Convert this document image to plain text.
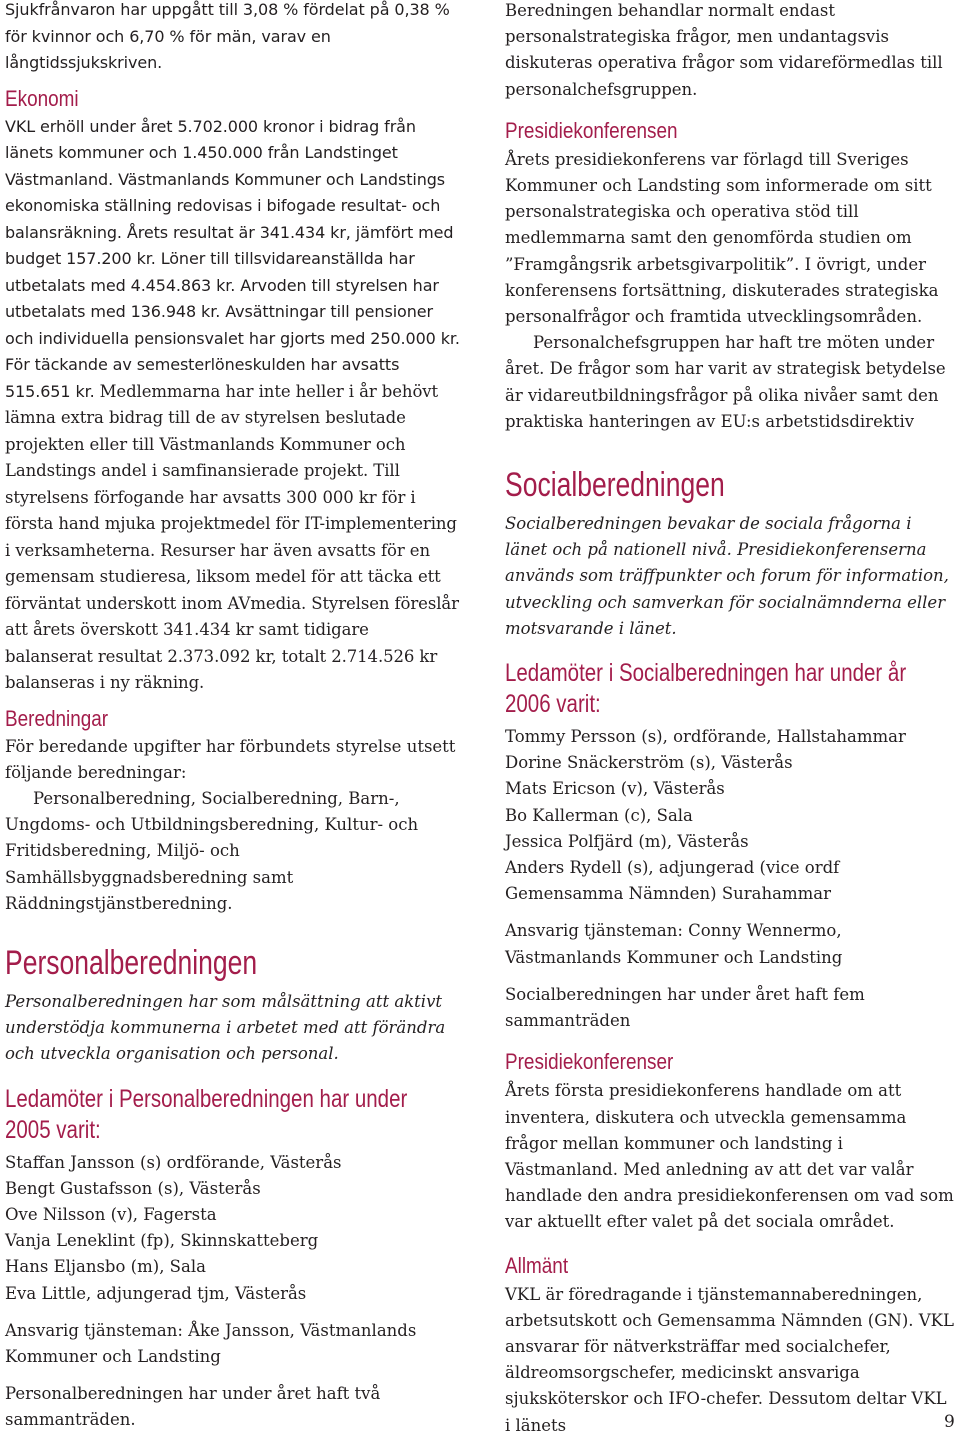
Sjukfrånvaron har uppgått till 3,08 % fördelat på 0,38 % för kvinnor och 6,70 % för män, varav en långtidssjukskriven.

Ekonomi

VKL erhöll under året 5.702.000 kronor i bidrag från länets kommuner och 1.450.000 från Landstinget Västmanland. Västmanlands Kommuner och Landstings ekonomiska ställning redovisas i bifogade resultat- och balansräkning. Årets resultat är 341.434 kr, jämfört med budget 157.200 kr. Löner till tillsvidareanställda har utbetalats med 4.454.863 kr. Arvoden till styrelsen har utbetalats med 136.948 kr. Avsättningar till pensioner och individuella pensionsvalet har gjorts med 250.000 kr. För täckande av semesterlöneskulden har avsatts 515.651 kr. Medlemmarna har inte heller i år behövt lämna extra bidrag till de av styrelsen beslutade projekten eller till Västmanlands Kommuner och Landstings andel i samfinansierade projekt. Till styrelsens förfogande har avsatts 300 000 kr för i första hand mjuka projektmedel för IT-implementering i verksamheterna. Resurser har även avsatts för en gemensam studieresa, liksom medel för att täcka ett förväntat underskott inom AVmedia. Styrelsen föreslår att årets överskott 341.434 kr samt tidigare balanserat resultat 2.373.092 kr, totalt 2.714.526 kr balanseras i ny räkning.

Beredningar

För beredande upgifter har förbundets styrelse utsett följande beredningar:

Personalberedning, Socialberedning, Barn-, Ungdoms- och Utbildningsberedning, Kultur- och Fritidsberedning, Miljö- och Samhällsbyggnadsberedning samt Räddningstjänstberedning.

Personalberedningen

Personalberedningen har som målsättning att aktivt understödja kommunerna i arbetet med att förändra och utveckla organisation och personal.

Ledamöter i Personalberedningen har under 2005 varit:

Staffan Jansson (s) ordförande, Västerås

Bengt Gustafsson (s), Västerås

Ove Nilsson (v), Fagersta

Vanja Leneklint (fp), Skinnskatteberg

Hans Eljansbo (m), Sala

Eva Little, adjungerad tjm, Västerås

Ansvarig tjänsteman: Åke Jansson, Västmanlands Kommuner och Landsting

Personalberedningen har under året haft två sammanträden.

Beredningen behandlar normalt endast personalstrategiska frågor, men undantagsvis diskuteras operativa frågor som vidareförmedlas till personalchefsgruppen.

Presidiekonferensen

Årets presidiekonferens var förlagd till Sveriges Kommuner och Landsting som informerade om sitt personalstrategiska och operativa stöd till medlemmarna samt den genomförda studien om ”Framgångsrik arbetsgivarpolitik”. I övrigt, under konferensens fortsättning, diskuterades strategiska personalfrågor och framtida utvecklingsområden.

Personalchefsgruppen har haft tre möten under året. De frågor som har varit av strategisk betydelse är vidareutbildningsfrågor på olika nivåer samt den praktiska hanteringen av EU:s arbetstidsdirektiv

Socialberedningen

Socialberedningen bevakar de sociala frågorna i länet och på nationell nivå. Presidiekonferenserna används som träffpunkter och forum för information, utveckling och samverkan för socialnämnderna eller motsvarande i länet.

Ledamöter i Socialberedningen har under år 2006 varit:

Tommy Persson (s), ordförande, Hallstahammar

Dorine Snäckerström (s), Västerås

Mats Ericson (v), Västerås

Bo Kallerman (c), Sala

Jessica Polfjärd (m), Västerås

Anders Rydell (s), adjungerad (vice ordf Gemensamma Nämnden) Surahammar

Ansvarig tjänsteman: Conny Wennermo, Västmanlands Kommuner och Landsting

Socialberedningen har under året haft fem sammanträden

Presidiekonferenser

Årets första presidiekonferens handlade om att inventera, diskutera och utveckla gemensamma frågor mellan kommuner och landsting i Västmanland. Med anledning av att det var valår handlade den andra presidiekonferensen om vad som var aktuellt efter valet på det sociala området.

Allmänt

VKL är föredragande i tjänstemannaberedningen, arbetsutskott och Gemensamma Nämnden (GN). VKL ansvarar för nätverksträffar med socialchefer, äldreomsorgschefer, medicinskt ansvariga sjuksköterskor och IFO-chefer. Dessutom deltar VKL i länets	9
